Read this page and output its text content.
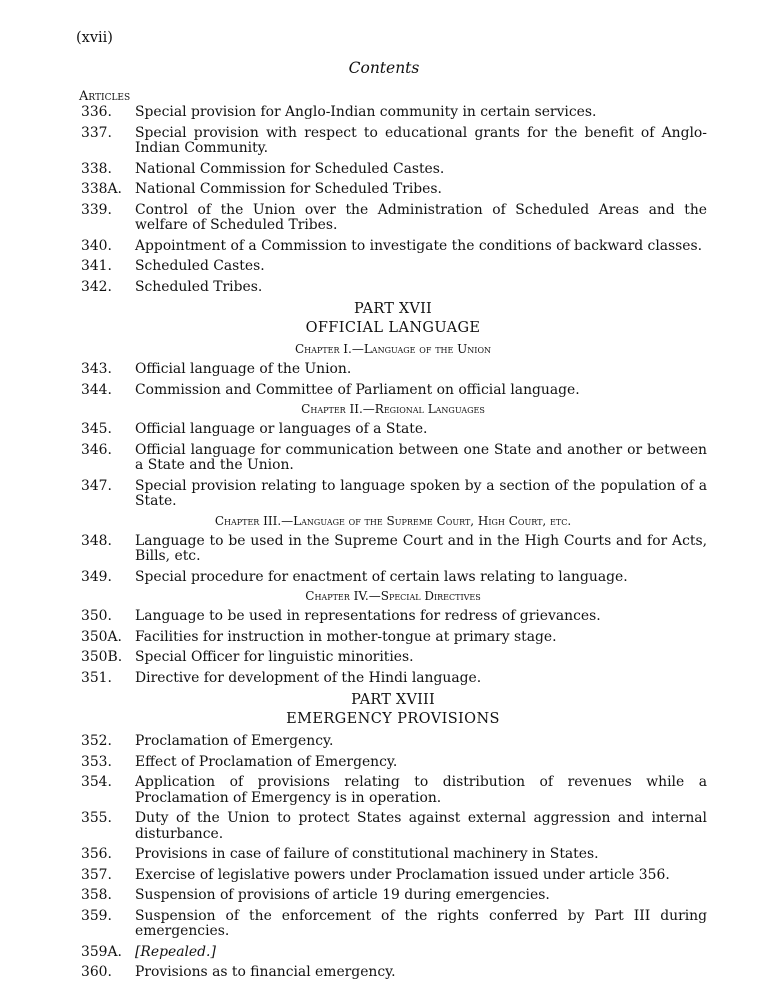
(xvii)
Contents
Articles
336.	Special provision for Anglo-Indian community in certain services.
337.	Special provision with respect to educational grants for the benefit of Anglo-Indian Community.
338.	National Commission for Scheduled Castes.
338A. National Commission for Scheduled Tribes.
339.	Control of the Union over the Administration of Scheduled Areas and the welfare of Scheduled Tribes.
340.	Appointment of a Commission to investigate the conditions of backward classes.
341.	Scheduled Castes.
342.	Scheduled Tribes.
PART XVII
OFFICIAL LANGUAGE
Chapter I.—Language of the Union
343.	Official language of the Union.
344.	Commission and Committee of Parliament on official language.
Chapter II.—Regional Languages
345.	Official language or languages of a State.
346.	Official language for communication between one State and another or between a State and the Union.
347.	Special provision relating to language spoken by a section of the population of a State.
Chapter III.—Language of the Supreme Court, High Court, etc.
348.	Language to be used in the Supreme Court and in the High Courts and for Acts, Bills, etc.
349.	Special procedure for enactment of certain laws relating to language.
Chapter IV.—Special Directives
350.	Language to be used in representations for redress of grievances.
350A. Facilities for instruction in mother-tongue at primary stage.
350B. Special Officer for linguistic minorities.
351.	Directive for development of the Hindi language.
PART XVIII
EMERGENCY PROVISIONS
352.	Proclamation of Emergency.
353.	Effect of Proclamation of Emergency.
354.	Application of provisions relating to distribution of revenues while a Proclamation of Emergency is in operation.
355.	Duty of the Union to protect States against external aggression and internal disturbance.
356.	Provisions in case of failure of constitutional machinery in States.
357.	Exercise of legislative powers under Proclamation issued under article 356.
358.	Suspension of provisions of article 19 during emergencies.
359.	Suspension of the enforcement of the rights conferred by Part III during emergencies.
359A. [Repealed.]
360.	Provisions as to financial emergency.
